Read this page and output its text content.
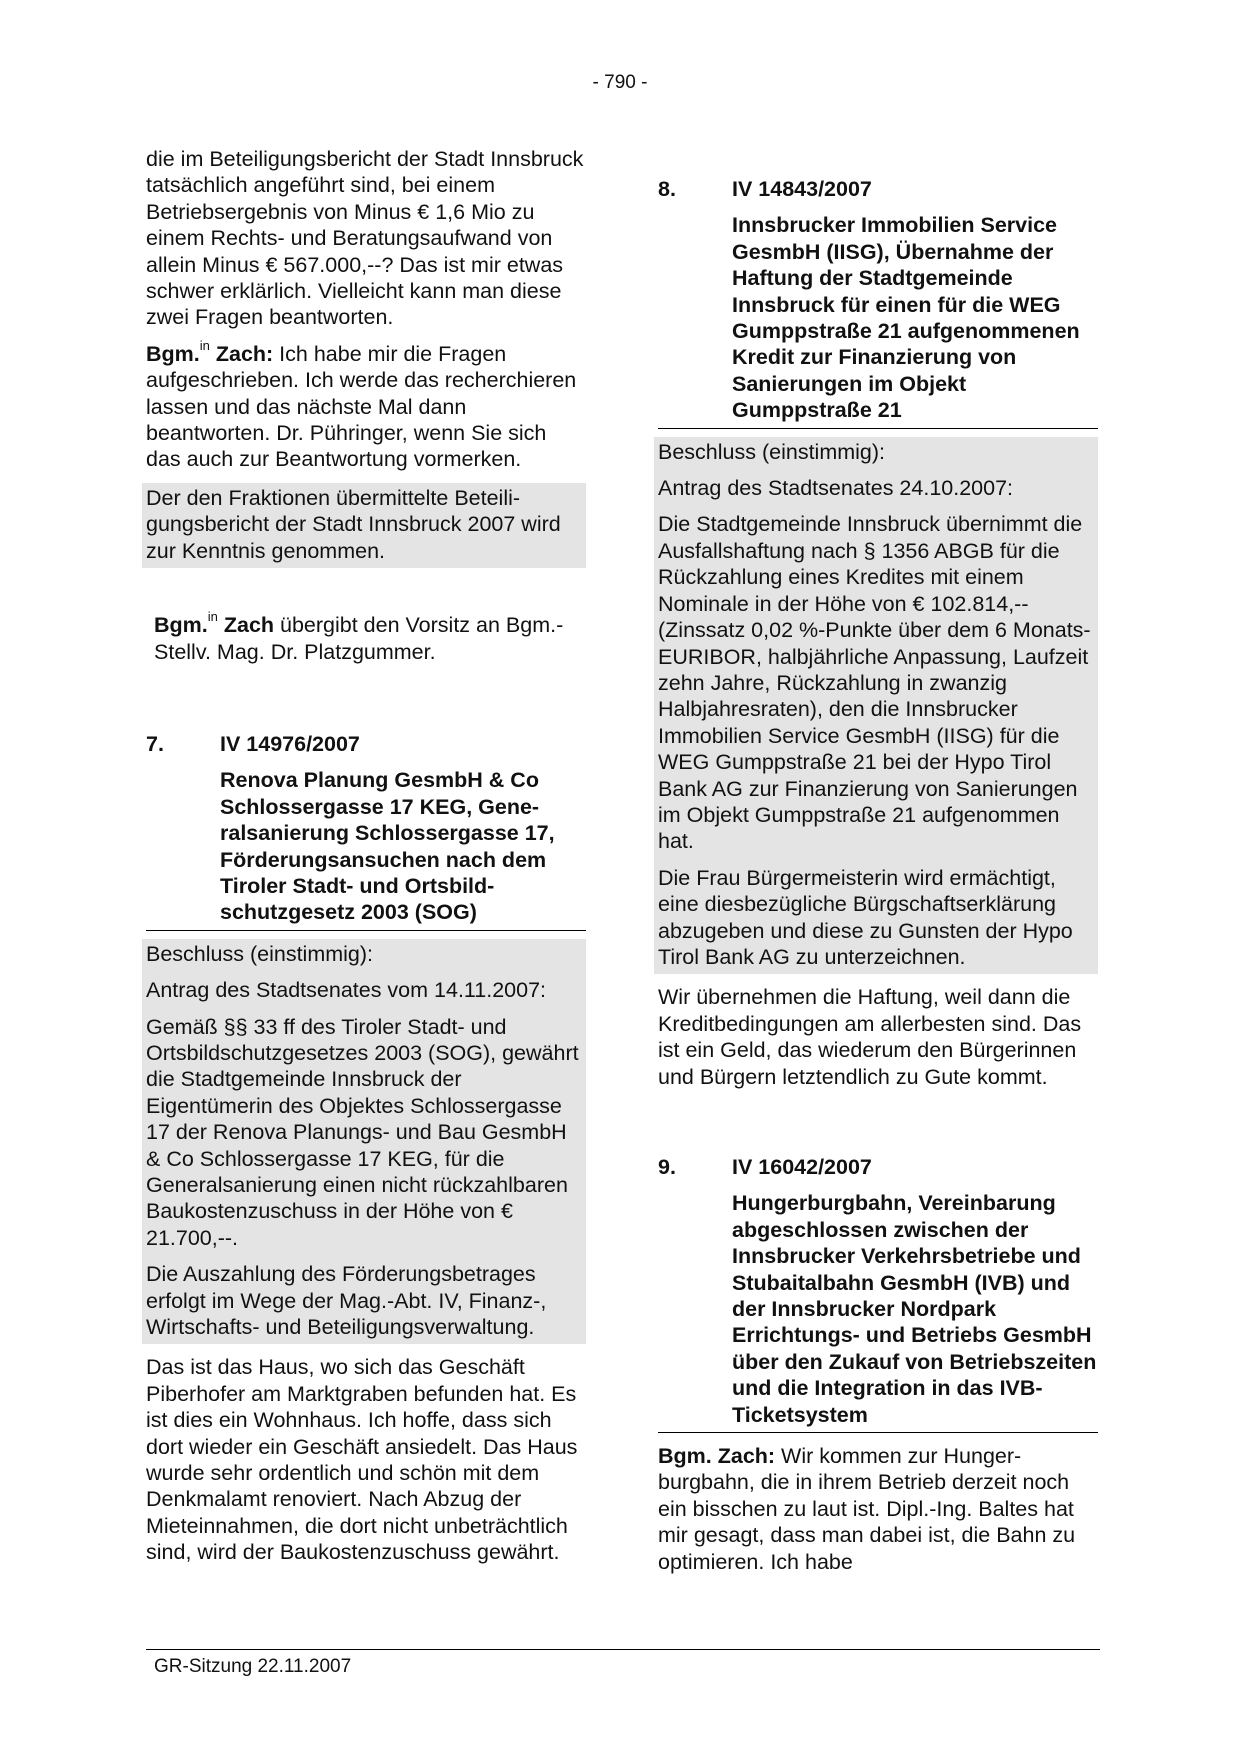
- 790 -

die im Beteiligungsbericht der Stadt Innsbruck tatsächlich angeführt sind, bei einem Betriebsergebnis von Minus € 1,6 Mio zu einem Rechts- und Beratungsaufwand von allein Minus € 567.000,--? Das ist mir etwas schwer erklärlich. Vielleicht kann man diese zwei Fragen beantworten.

Bgm.$^{in}$ Zach: Ich habe mir die Fragen aufgeschrieben. Ich werde das recherchieren lassen und das nächste Mal dann beantworten. Dr. Pühringer, wenn Sie sich das auch zur Beantwortung vormerken.

Der den Fraktionen übermittelte Beteiligungsbericht der Stadt Innsbruck 2007 wird zur Kenntnis genommen.

Bgm.$^{in}$ Zach übergibt den Vorsitz an Bgm.-Stellv. Mag. Dr. Platzgummer.

7.	IV 14976/2007
Renova Planung GesmbH & Co Schlossergasse 17 KEG, Generalsanierung Schlossergasse 17, Förderungsansuchen nach dem Tiroler Stadt- und Ortsbildschutzgesetz 2003 (SOG)

Beschluss (einstimmig):

Antrag des Stadtsenates vom 14.11.2007:

Gemäß §§ 33 ff des Tiroler Stadt- und Ortsbildschutzgesetzes 2003 (SOG), gewährt die Stadtgemeinde Innsbruck der Eigentümerin des Objektes Schlossergasse 17 der Renova Planungs- und Bau GesmbH & Co Schlossergasse 17 KEG, für die Generalsanierung einen nicht rückzahlbaren Baukostenzuschuss in der Höhe von € 21.700,--.

Die Auszahlung des Förderungsbetrages erfolgt im Wege der Mag.-Abt. IV, Finanz-, Wirtschafts- und Beteiligungsverwaltung.

Das ist das Haus, wo sich das Geschäft Piberhofer am Marktgraben befunden hat. Es ist dies ein Wohnhaus. Ich hoffe, dass sich dort wieder ein Geschäft ansiedelt. Das Haus wurde sehr ordentlich und schön mit dem Denkmalamt renoviert. Nach Abzug der Mieteinnahmen, die dort nicht unbeträchtlich sind, wird der Baukostenzuschuss gewährt.

8.	IV 14843/2007
Innsbrucker Immobilien Service GesmbH (IISG), Übernahme der Haftung der Stadtgemeinde Innsbruck für einen für die WEG Gumppstraße 21 aufgenommenen Kredit zur Finanzierung von Sanierungen im Objekt Gumppstraße 21

Beschluss (einstimmig):

Antrag des Stadtsenates 24.10.2007:

Die Stadtgemeinde Innsbruck übernimmt die Ausfallshaftung nach § 1356 ABGB für die Rückzahlung eines Kredites mit einem Nominale in der Höhe von € 102.814,-- (Zinssatz 0,02 %-Punkte über dem 6 Monats-EURIBOR, halbjährliche Anpassung, Laufzeit zehn Jahre, Rückzahlung in zwanzig Halbjahresraten), den die Innsbrucker Immobilien Service GesmbH (IISG) für die WEG Gumppstraße 21 bei der Hypo Tirol Bank AG zur Finanzierung von Sanierungen im Objekt Gumppstraße 21 aufgenommen hat.

Die Frau Bürgermeisterin wird ermächtigt, eine diesbezügliche Bürgschaftserklärung abzugeben und diese zu Gunsten der Hypo Tirol Bank AG zu unterzeichnen.

Wir übernehmen die Haftung, weil dann die Kreditbedingungen am allerbesten sind. Das ist ein Geld, das wiederum den Bürgerinnen und Bürgern letztendlich zu Gute kommt.

9.	IV 16042/2007
Hungerburgbahn, Vereinbarung abgeschlossen zwischen der Innsbrucker Verkehrsbetriebe und Stubaitalbahn GesmbH (IVB) und der Innsbrucker Nordpark Errichtungs- und Betriebs GesmbH über den Zukauf von Betriebszeiten und die Integration in das IVB-Ticketsystem

Bgm. Zach: Wir kommen zur Hungerburgbahn, die in ihrem Betrieb derzeit noch ein bisschen zu laut ist. Dipl.-Ing. Baltes hat mir gesagt, dass man dabei ist, die Bahn zu optimieren. Ich habe

GR-Sitzung 22.11.2007
